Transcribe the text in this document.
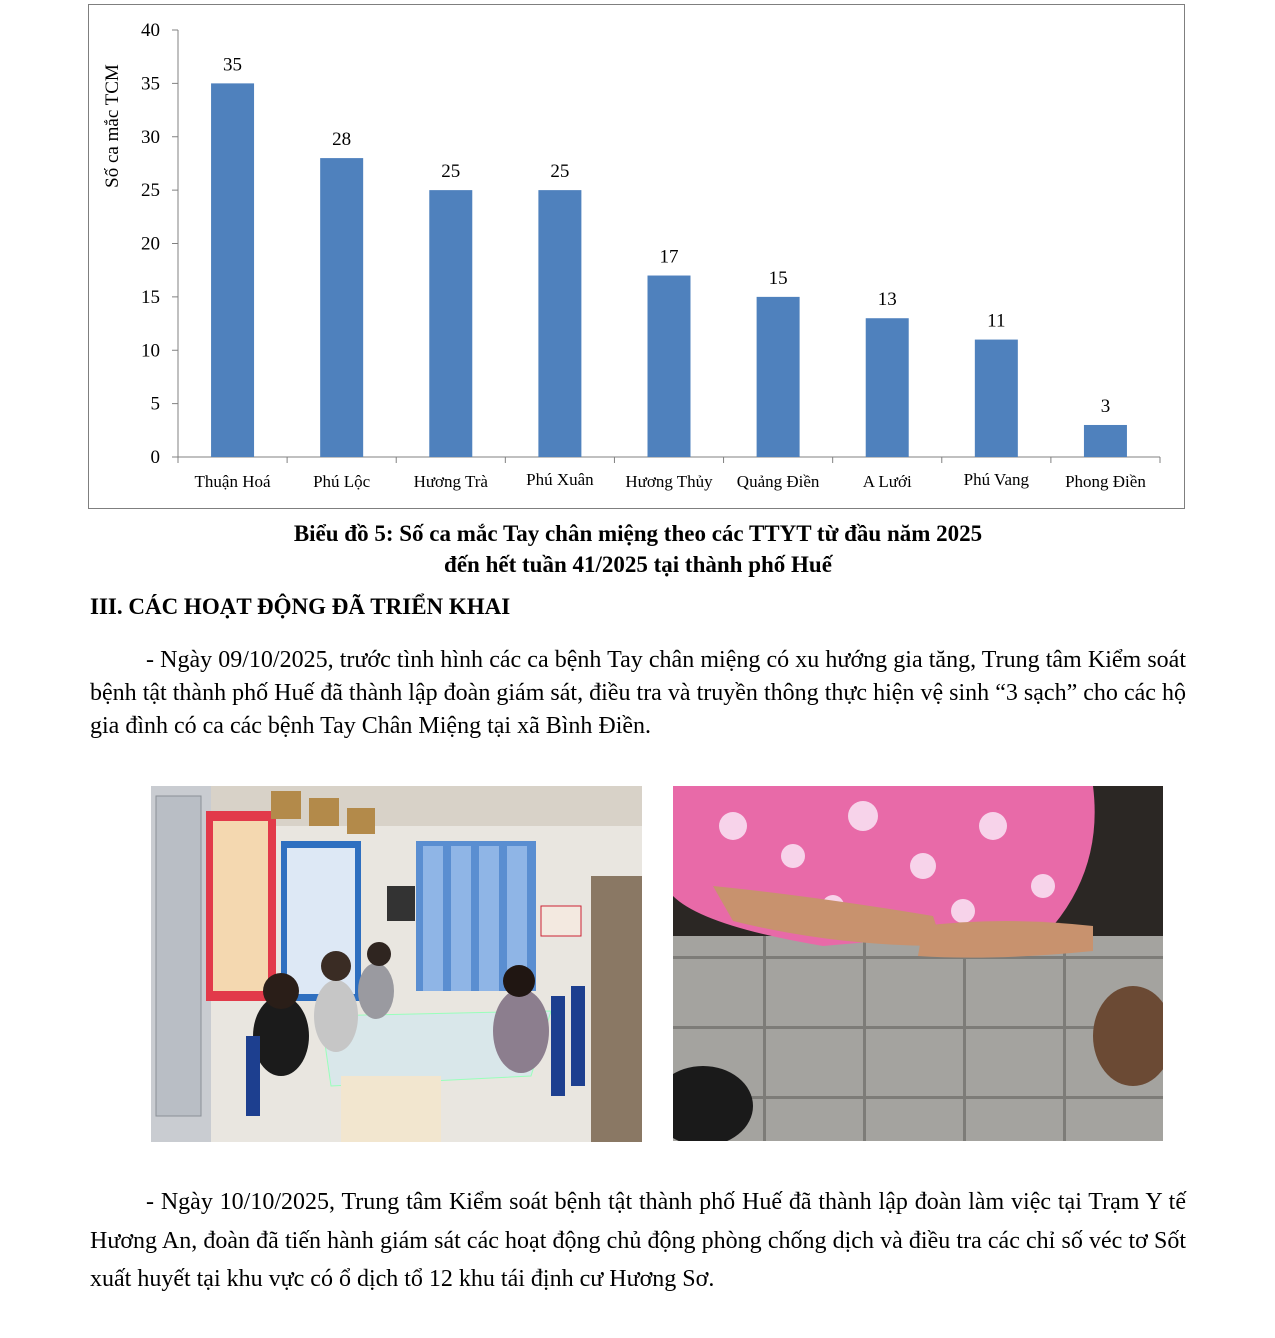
0
5
10
15
20
25
30
35
40
35
Thuận Hoá
28
Phú Lộc
25
Hương Trà
25
Phú Xuân
17
Hương Thủy
15
Quảng Điền
13
A Lưới
11
Phú Vang
3
Phong Điền
Số ca mắc TCM
Biểu đồ 5: Số ca mắc Tay chân miệng theo các TTYT từ đầu năm 2025
đến hết tuần 41/2025 tại thành phố Huế
III. CÁC HOẠT ĐỘNG ĐÃ TRIỂN KHAI
- Ngày 09/10/2025, trước tình hình các ca bệnh Tay chân miệng có xu hướng gia tăng, Trung tâm Kiểm soát bệnh tật thành phố Huế đã thành lập đoàn giám sát, điều tra và truyền thông thực hiện vệ sinh “3 sạch” cho các hộ gia đình có ca các bệnh Tay Chân Miệng tại xã Bình Điền.
- Ngày 10/10/2025, Trung tâm Kiểm soát bệnh tật thành phố Huế đã thành lập đoàn làm việc tại Trạm Y tế Hương An, đoàn đã tiến hành giám sát các hoạt động chủ động phòng chống dịch và điều tra các chỉ số véc tơ Sốt xuất huyết tại khu vực có ổ dịch tổ 12 khu tái định cư Hương Sơ.
